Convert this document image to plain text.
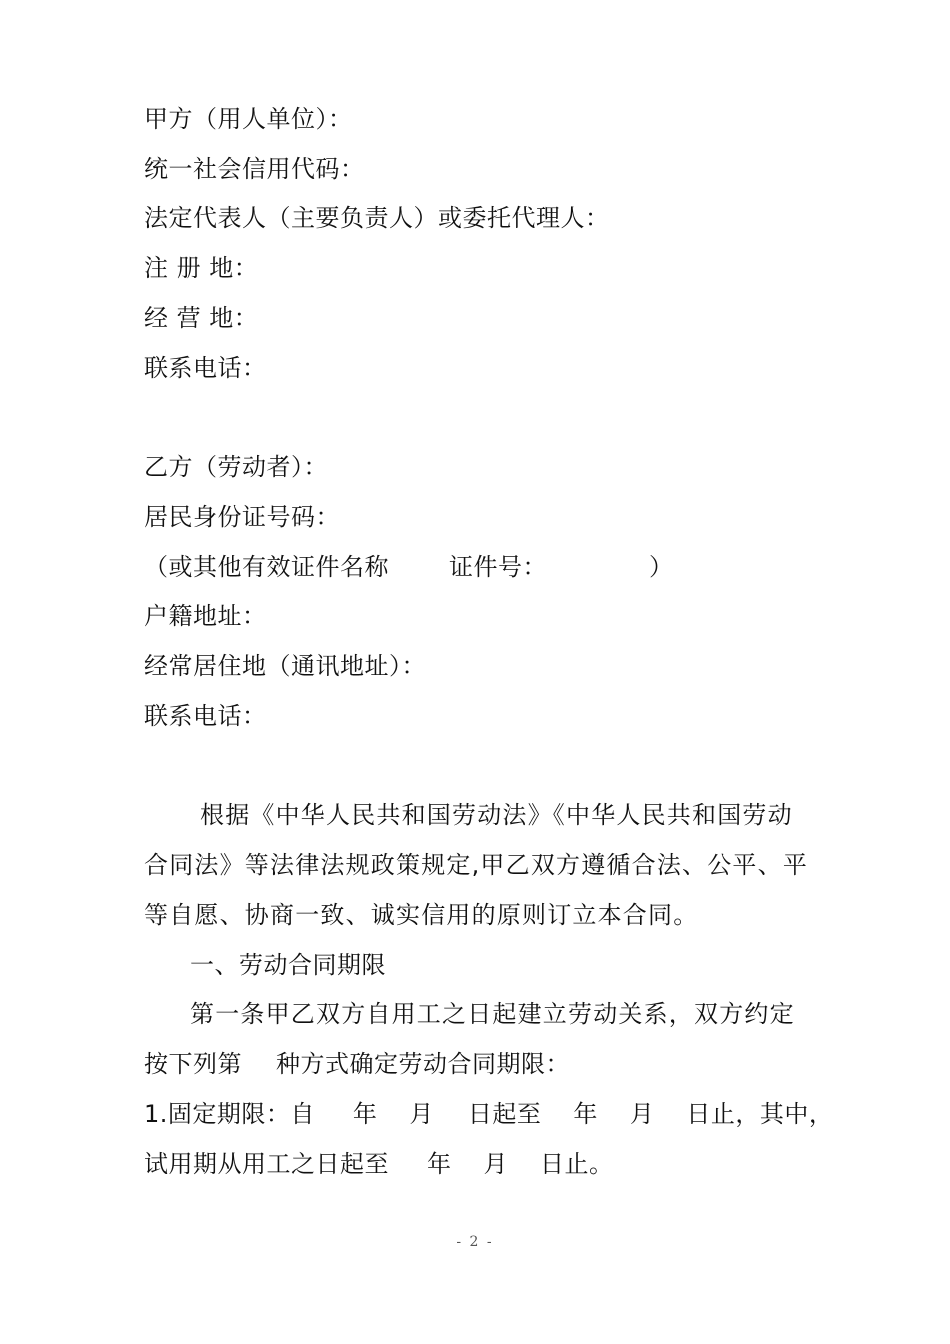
甲方（用人单位）：
统一社会信用代码：
法定代表人（主要负责人）或委托代理人：
注 册 地：
经 营 地：
联系电话：
乙方（劳动者）：
居民身份证号码：
（或其他有效证件名称	证件号：	）
户籍地址：
经常居住地（通讯地址）：
联系电话：
根据《中华人民共和国劳动法》《中华人民共和国劳动
合同法》等法律法规政策规定,甲乙双方遵循合法、公平、平
等自愿、协商一致、诚实信用的原则订立本合同。
一、劳动合同期限
第一条甲乙双方自用工之日起建立劳动关系，双方约定
按下列第 种方式确定劳动合同期限：
1.固定期限：自 年 月 日起至 年 月 日止，其中，
试用期从用工之日起至 年 月 日止。
- 2 -
